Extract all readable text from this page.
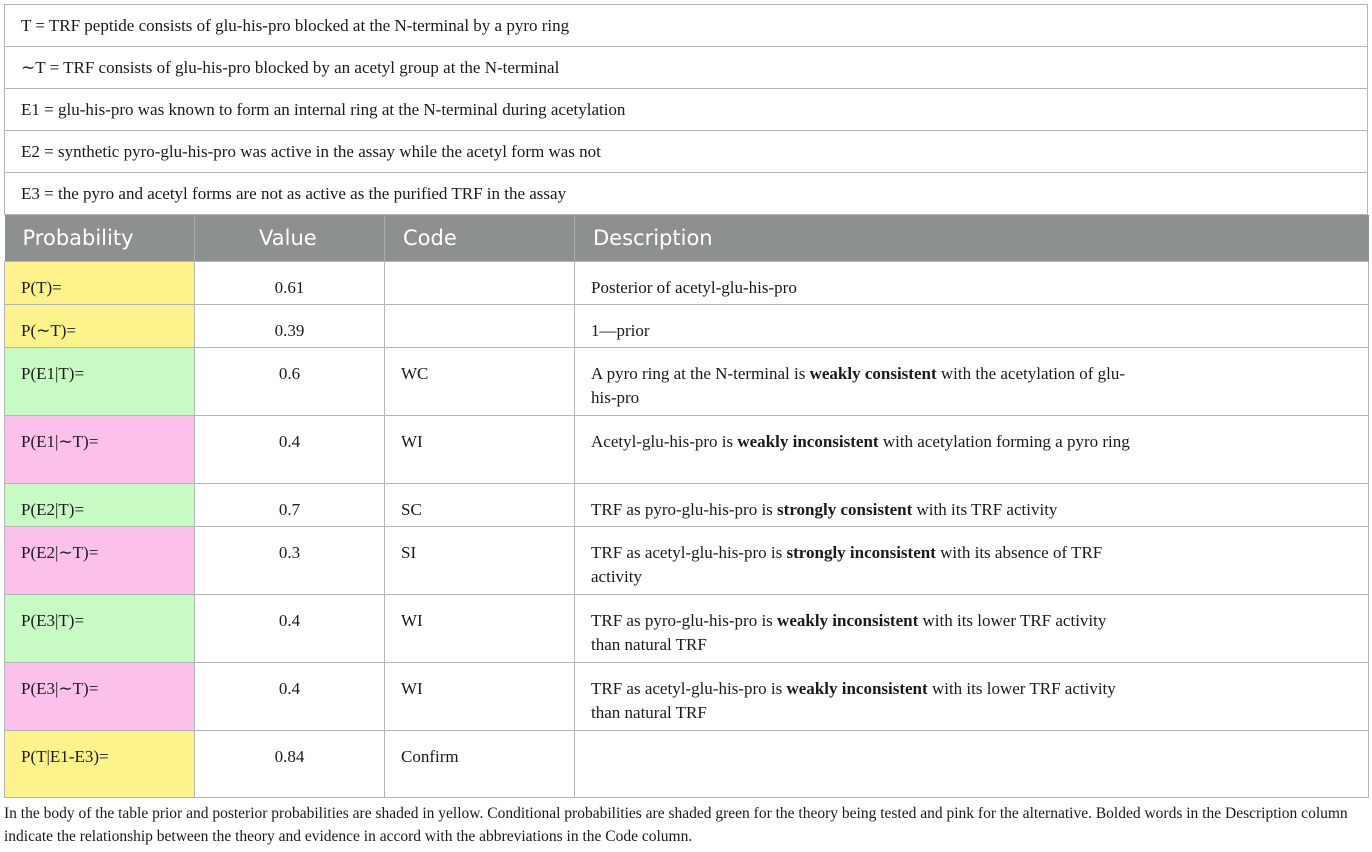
T = TRF peptide consists of glu-his-pro blocked at the N-terminal by a pyro ring
∼T = TRF consists of glu-his-pro blocked by an acetyl group at the N-terminal
E1 = glu-his-pro was known to form an internal ring at the N-terminal during acetylation
E2 = synthetic pyro-glu-his-pro was active in the assay while the acetyl form was not
E3 = the pyro and acetyl forms are not as active as the purified TRF in the assay
Probability	Value	Code	Description
P(T)=	0.61		Posterior of acetyl-glu-his-pro
P(∼T)=	0.39		1—prior
P(E1|T)=	0.6	WC	A pyro ring at the N-terminal is weakly consistent with the acetylation of glu-his-pro
P(E1|∼T)=	0.4	WI	Acetyl-glu-his-pro is weakly inconsistent with acetylation forming a pyro ring
P(E2|T)=	0.7	SC	TRF as pyro-glu-his-pro is strongly consistent with its TRF activity
P(E2|∼T)=	0.3	SI	TRF as acetyl-glu-his-pro is strongly inconsistent with its absence of TRF activity
P(E3|T)=	0.4	WI	TRF as pyro-glu-his-pro is weakly inconsistent with its lower TRF activity than natural TRF
P(E3|∼T)=	0.4	WI	TRF as acetyl-glu-his-pro is weakly inconsistent with its lower TRF activity than natural TRF
P(T|E1-E3)=	0.84	Confirm	
In the body of the table prior and posterior probabilities are shaded in yellow. Conditional probabilities are shaded green for the theory being tested and pink for the alternative. Bolded words in the Description column indicate the relationship between the theory and evidence in accord with the abbreviations in the Code column.
